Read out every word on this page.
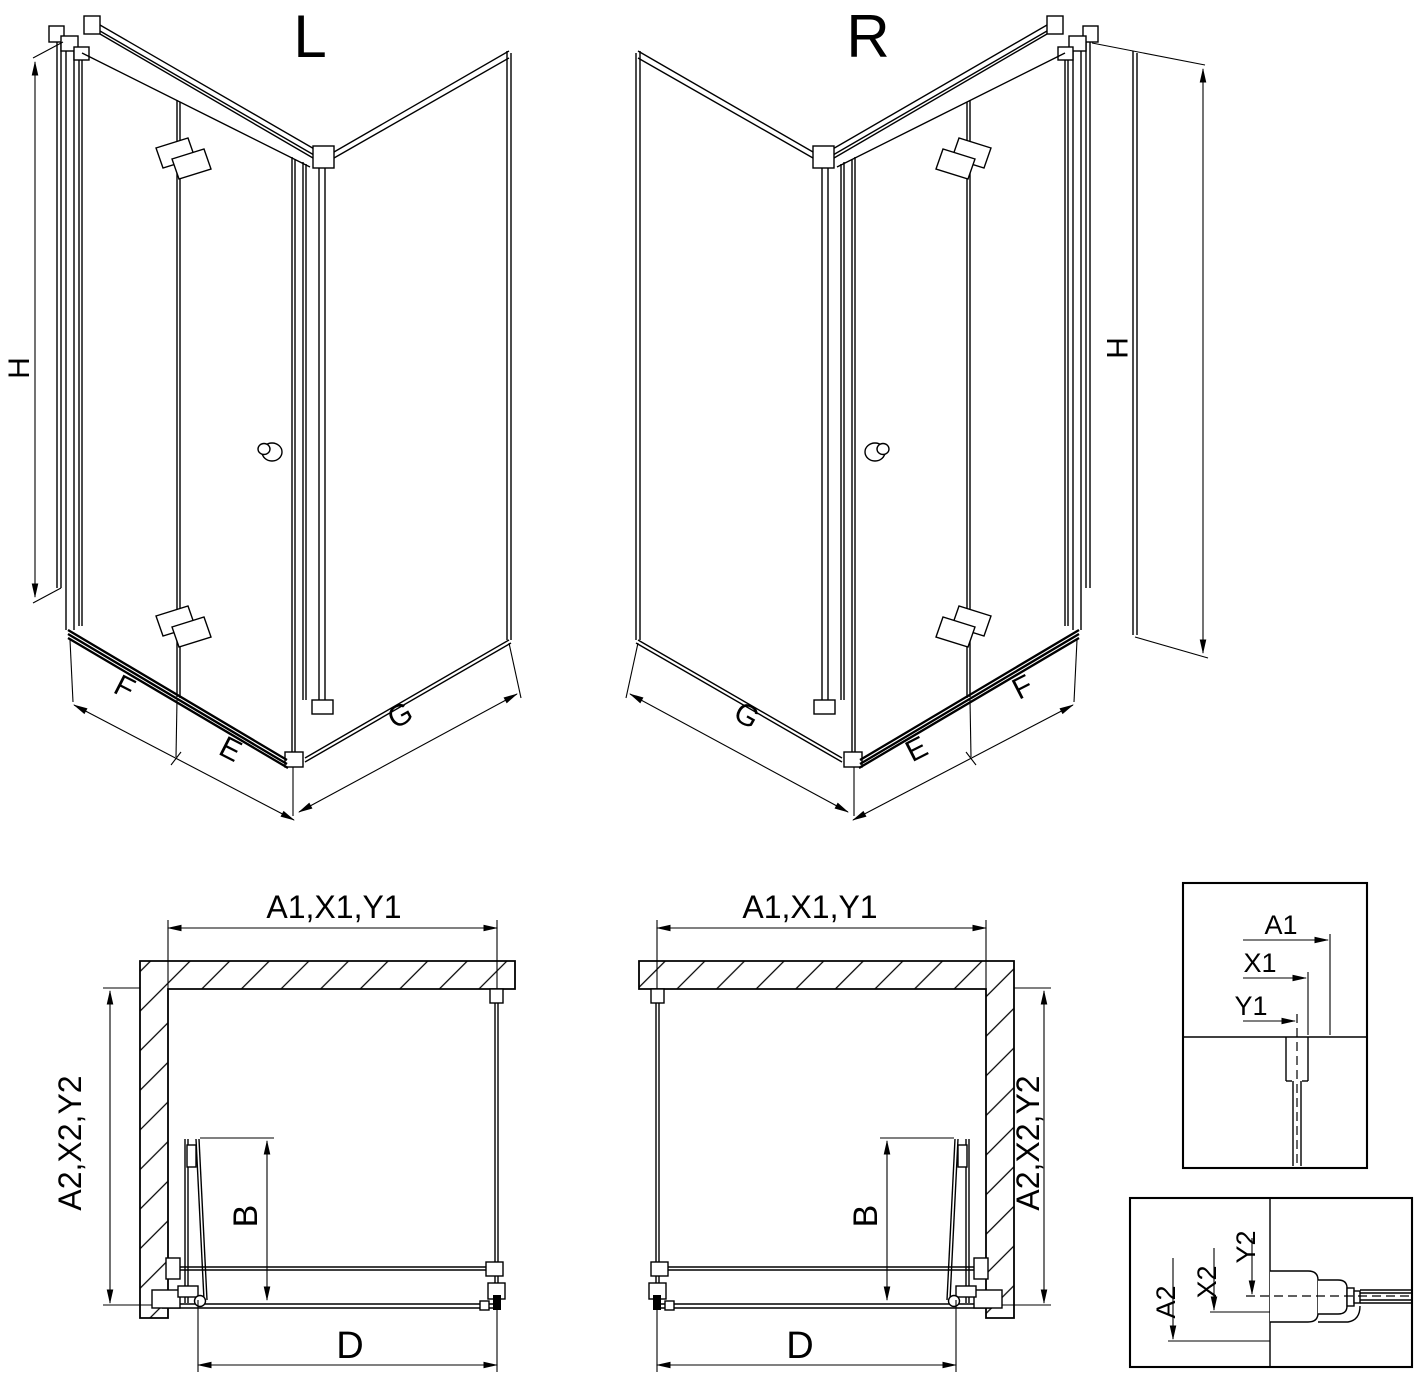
L
H
F
E
G
R
H
F
E
G
A1,X1,Y1
A2,X2,Y2
B
D
A1,X1,Y1
A2,X2,Y2
B
D
A1
X1
Y1
A2
X2
Y2
